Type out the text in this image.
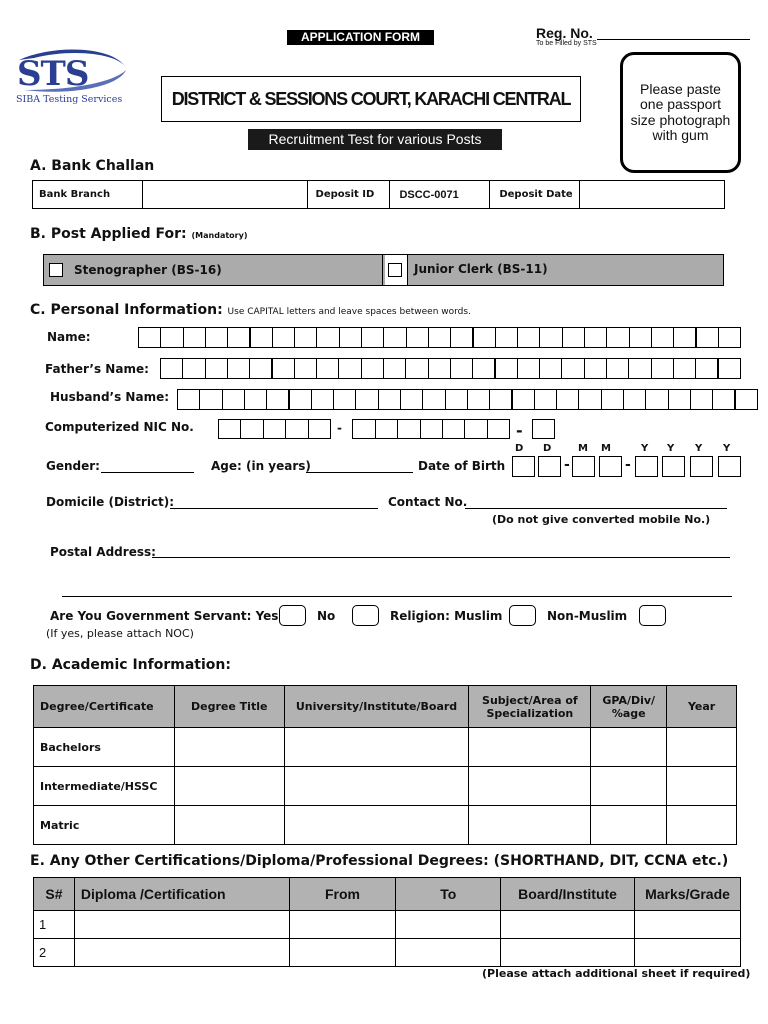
APPLICATION FORM	Reg. No.
To be Filled by STS
STS
SIBA Testing Services	DISTRICT & SESSIONS COURT, KARACHI CENTRAL
Recruitment Test for various Posts
Please paste one passport size photograph with gum
A. Bank Challan
Bank Branch		Deposit ID	DSCC-0071	Deposit Date	
B. Post Applied For: (Mandatory)
Stenographer (BS-16)	Junior Clerk (BS-11)
C. Personal Information: Use CAPITAL letters and leave spaces between words.
Name:
Father’s Name:
Husband’s Name:
Computerized NIC No.	-	-
Gender:	Age: (in years)	Date of Birth
D D	M M	Y Y Y Y
-	-
Domicile (District):	Contact No.
(Do not give converted mobile No.)
Postal Address:
Are You Government Servant: Yes	No	Religion: Muslim	Non-Muslim
(If yes, please attach NOC)
D. Academic Information:
Degree/Certificate	Degree Title	University/Institute/Board	Subject/Area of Specialization	GPA/Div/ %age	Year
Bachelors					
Intermediate/HSSC					
Matric					
E. Any Other Certifications/Diploma/Professional Degrees: (SHORTHAND, DIT, CCNA etc.)
S#	Diploma /Certification	From	To	Board/Institute	Marks/Grade
1					
2					
(Please attach additional sheet if required)
